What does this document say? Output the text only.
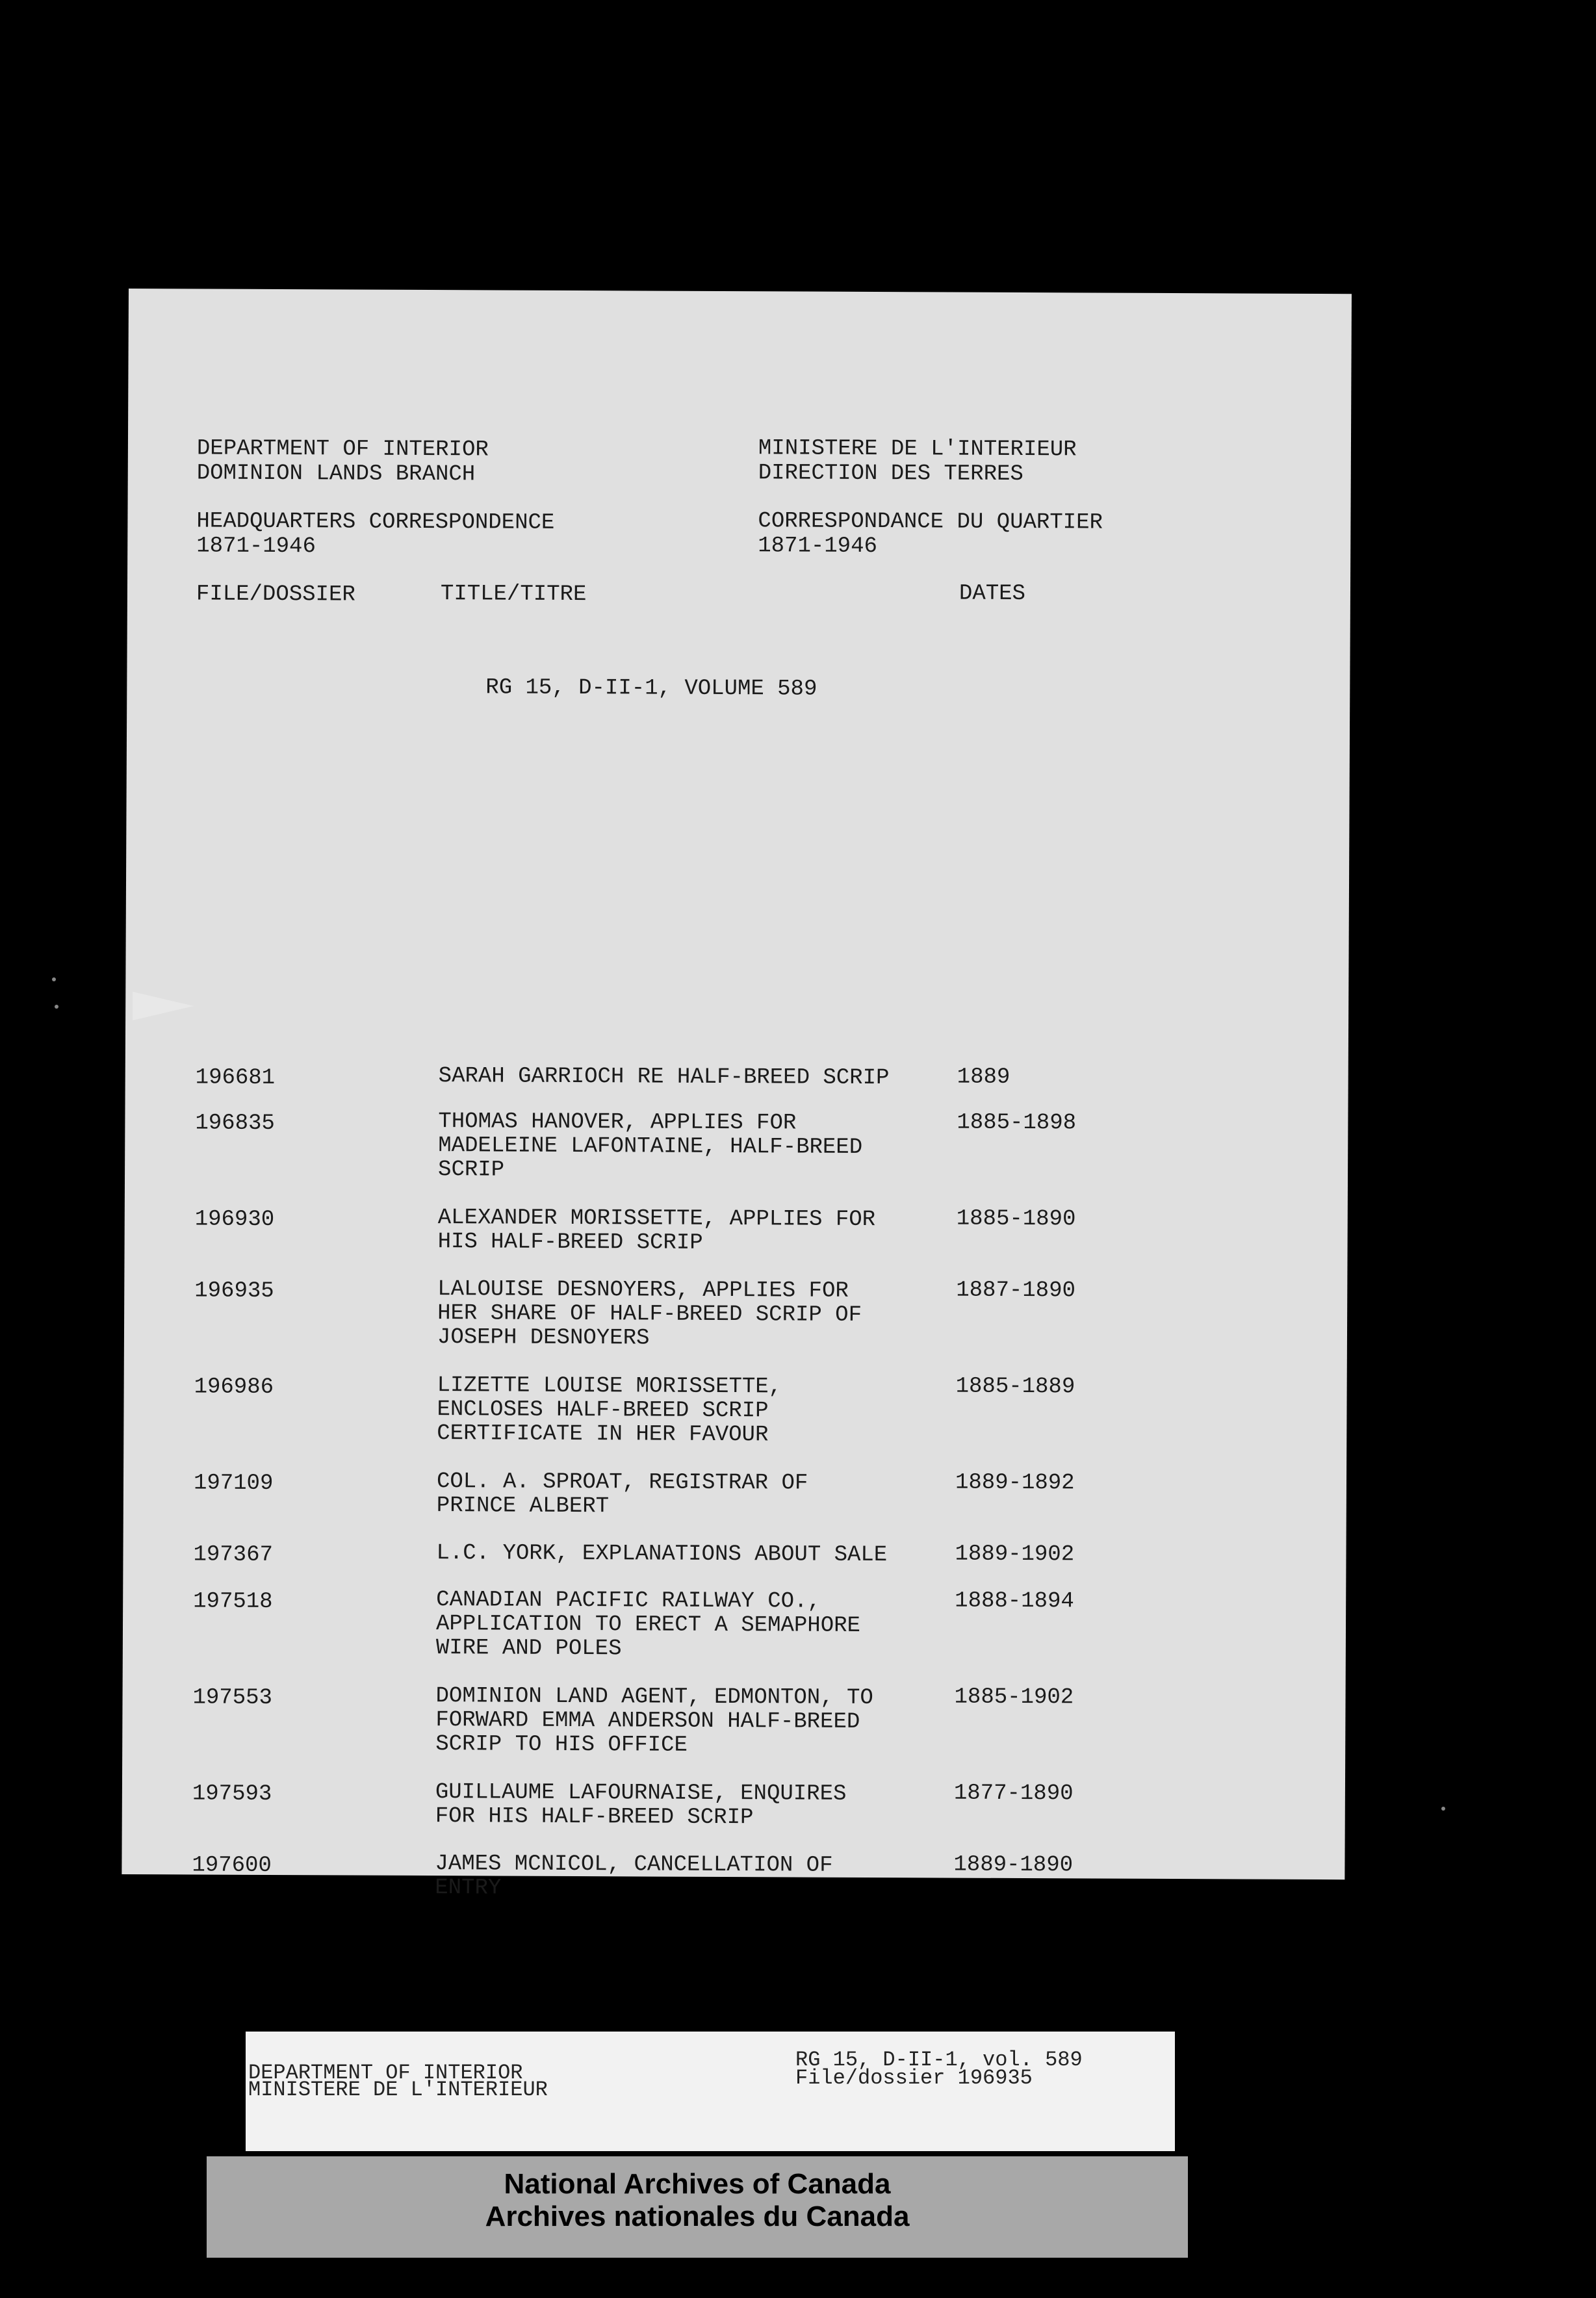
DEPARTMENT OF INTERIOR
DOMINION LANDS BRANCH
HEADQUARTERS CORRESPONDENCE
1871-1946
MINISTERE DE L'INTERIEUR
DIRECTION DES TERRES
CORRESPONDANCE DU QUARTIER
1871-1946
FILE/DOSSIER	TITLE/TITRE	DATES
RG 15, D-II-1, VOLUME 589
196681	SARAH GARRIOCH RE HALF-BREED SCRIP	1889
196835	THOMAS HANOVER, APPLIES FOR
MADELEINE LAFONTAINE, HALF-BREED
SCRIP
1885-1898
196930	ALEXANDER MORISSETTE, APPLIES FOR
HIS HALF-BREED SCRIP
1885-1890
196935	LALOUISE DESNOYERS, APPLIES FOR
HER SHARE OF HALF-BREED SCRIP OF
JOSEPH DESNOYERS
1887-1890
196986	LIZETTE LOUISE MORISSETTE,
ENCLOSES HALF-BREED SCRIP
CERTIFICATE IN HER FAVOUR
1885-1889
197109	COL. A. SPROAT, REGISTRAR OF
PRINCE ALBERT
1889-1892
197367	L.C. YORK, EXPLANATIONS ABOUT SALE	1889-1902
197518	CANADIAN PACIFIC RAILWAY CO.,
APPLICATION TO ERECT A SEMAPHORE
WIRE AND POLES
1888-1894
197553	DOMINION LAND AGENT, EDMONTON, TO
FORWARD EMMA ANDERSON HALF-BREED
SCRIP TO HIS OFFICE
1885-1902
197593	GUILLAUME LAFOURNAISE, ENQUIRES
FOR HIS HALF-BREED SCRIP
1877-1890
197600	JAMES MCNICOL, CANCELLATION OF
ENTRY
1889-1890
DEPARTMENT OF INTERIOR
MINISTERE DE L'INTERIEUR
RG 15, D-II-1, vol. 589
File/dossier 196935
National Archives of Canada
Archives nationales du Canada
